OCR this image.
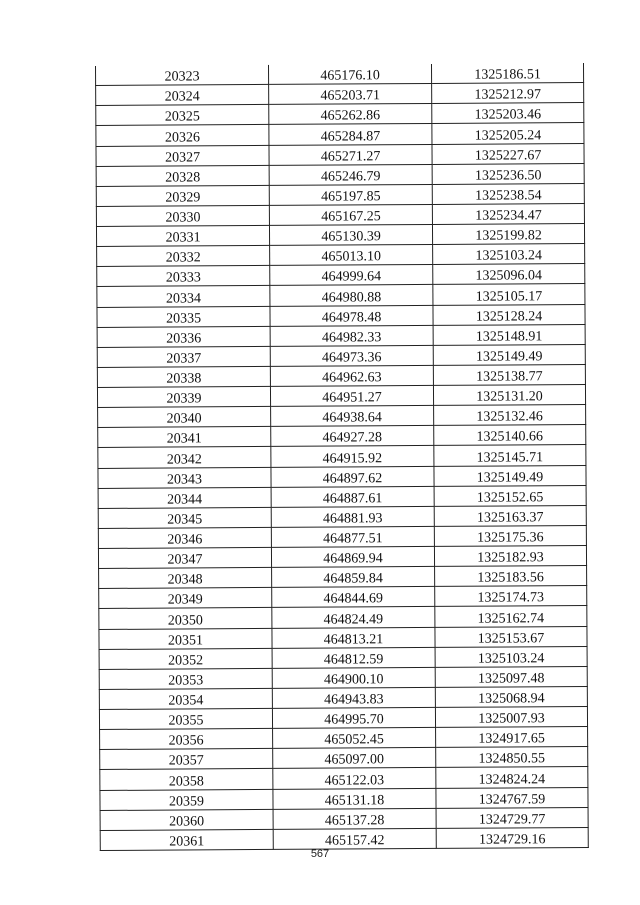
20323	465176.10	1325186.51
20324	465203.71	1325212.97
20325	465262.86	1325203.46
20326	465284.87	1325205.24
20327	465271.27	1325227.67
20328	465246.79	1325236.50
20329	465197.85	1325238.54
20330	465167.25	1325234.47
20331	465130.39	1325199.82
20332	465013.10	1325103.24
20333	464999.64	1325096.04
20334	464980.88	1325105.17
20335	464978.48	1325128.24
20336	464982.33	1325148.91
20337	464973.36	1325149.49
20338	464962.63	1325138.77
20339	464951.27	1325131.20
20340	464938.64	1325132.46
20341	464927.28	1325140.66
20342	464915.92	1325145.71
20343	464897.62	1325149.49
20344	464887.61	1325152.65
20345	464881.93	1325163.37
20346	464877.51	1325175.36
20347	464869.94	1325182.93
20348	464859.84	1325183.56
20349	464844.69	1325174.73
20350	464824.49	1325162.74
20351	464813.21	1325153.67
20352	464812.59	1325103.24
20353	464900.10	1325097.48
20354	464943.83	1325068.94
20355	464995.70	1325007.93
20356	465052.45	1324917.65
20357	465097.00	1324850.55
20358	465122.03	1324824.24
20359	465131.18	1324767.59
20360	465137.28	1324729.77
20361	465157.42	1324729.16
567
